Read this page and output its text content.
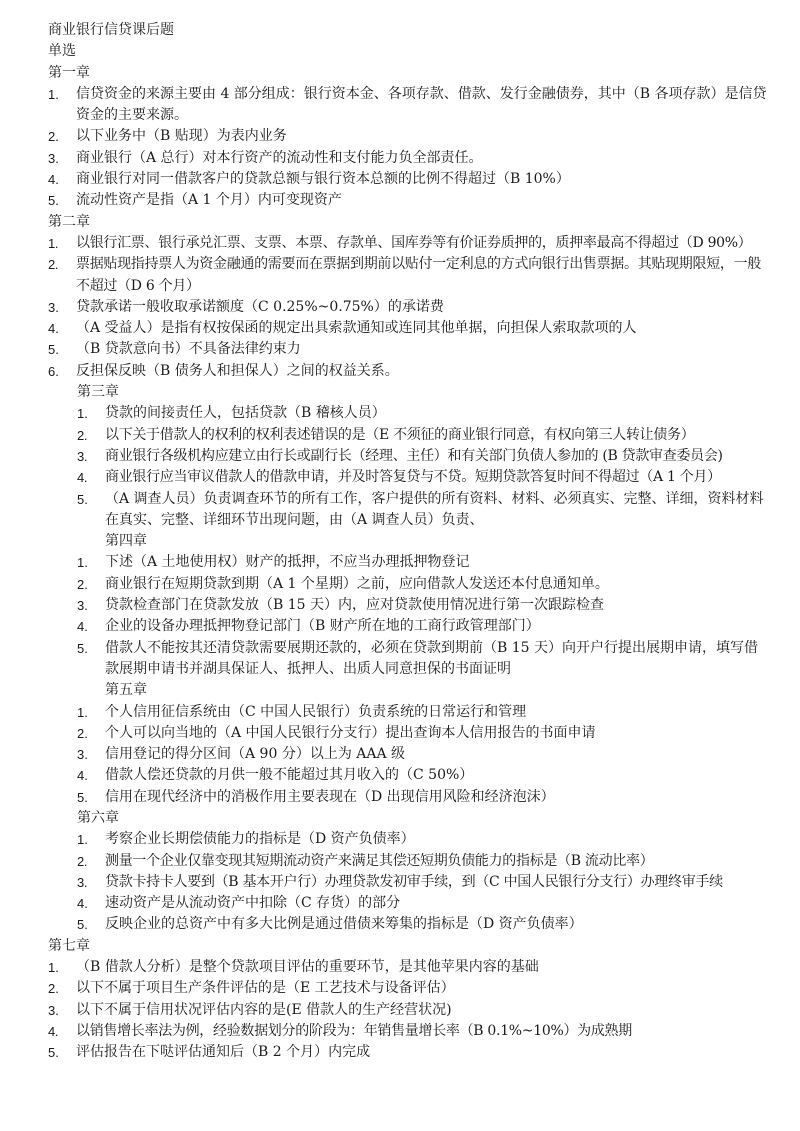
商业银行信贷课后题

单选

第一章

1.	信贷资金的来源主要由 4 部分组成：银行资本金、各项存款、借款、发行金融债券，其中（B 各项存款）是信贷资金的主要来源。
2.	以下业务中（B 贴现）为表内业务
3.	商业银行（A 总行）对本行资产的流动性和支付能力负全部责任。
4.	商业银行对同一借款客户的贷款总额与银行资本总额的比例不得超过（B 10%）
5.	流动性资产是指（A 1 个月）内可变现资产

第二章

1.	以银行汇票、银行承兑汇票、支票、本票、存款单、国库券等有价证券质押的，质押率最高不得超过（D 90%）
2.	票据贴现指持票人为资金融通的需要而在票据到期前以贴付一定利息的方式向银行出售票据。其贴现期限短，一般不超过（D 6 个月）
3.	贷款承诺一般收取承诺额度（C 0.25%~0.75%）的承诺费
4.	（A 受益人）是指有权按保函的规定出具索款通知或连同其他单据，向担保人索取款项的人
5.	（B 贷款意向书）不具备法律约束力
6.	反担保反映（B 债务人和担保人）之间的权益关系。

第三章

1.	贷款的间接责任人，包括贷款（B 稽核人员）
2.	以下关于借款人的权利的权利表述错误的是（E 不须征的商业银行同意，有权向第三人转让债务）
3.	商业银行各级机构应建立由行长或副行长（经理、主任）和有关部门负债人参加的 (B 贷款审查委员会)
4.	商业银行应当审议借款人的借款申请，并及时答复贷与不贷。短期贷款答复时间不得超过（A 1 个月）
5.	（A 调查人员）负责调查环节的所有工作，客户提供的所有资料、材料、必须真实、完整、详细，资料材料在真实、完整、详细环节出现问题，由（A 调查人员）负责、

第四章

1.	下述（A 土地使用权）财产的抵押，不应当办理抵押物登记
2.	商业银行在短期贷款到期（A 1 个星期）之前，应向借款人发送还本付息通知单。
3.	贷款检查部门在贷款发放（B 15 天）内，应对贷款使用情况进行第一次跟踪检查
4.	企业的设备办理抵押物登记部门（B 财产所在地的工商行政管理部门）
5.	借款人不能按其还清贷款需要展期还款的，必须在贷款到期前（B 15 天）向开户行提出展期申请，填写借款展期申请书并湖具保证人、抵押人、出质人同意担保的书面证明

第五章

1.	个人信用征信系统由（C 中国人民银行）负责系统的日常运行和管理
2.	个人可以向当地的（A 中国人民银行分支行）提出查询本人信用报告的书面申请
3.	信用登记的得分区间（A 90 分）以上为 AAA 级
4.	借款人偿还贷款的月供一般不能超过其月收入的（C 50%）
5.	信用在现代经济中的消极作用主要表现在（D 出现信用风险和经济泡沫）

第六章

1.	考察企业长期偿债能力的指标是（D 资产负债率）
2.	测量一个企业仅靠变现其短期流动资产来满足其偿还短期负债能力的指标是（B 流动比率）
3.	贷款卡持卡人要到（B 基本开户行）办理贷款发初审手续，到（C 中国人民银行分支行）办理终审手续
4.	速动资产是从流动资产中扣除（C 存货）的部分
5.	反映企业的总资产中有多大比例是通过借债来筹集的指标是（D 资产负债率）

第七章

1.	（B 借款人分析）是整个贷款项目评估的重要环节，是其他苹果内容的基础
2.	以下不属于项目生产条件评估的是（E 工艺技术与设备评估）
3.	以下不属于信用状况评估内容的是(E 借款人的生产经营状况)
4.	以销售增长率法为例，经验数据划分的阶段为：年销售量增长率（B 0.1%~10%）为成熟期
5.	评估报告在下哒评估通知后（B 2 个月）内完成
